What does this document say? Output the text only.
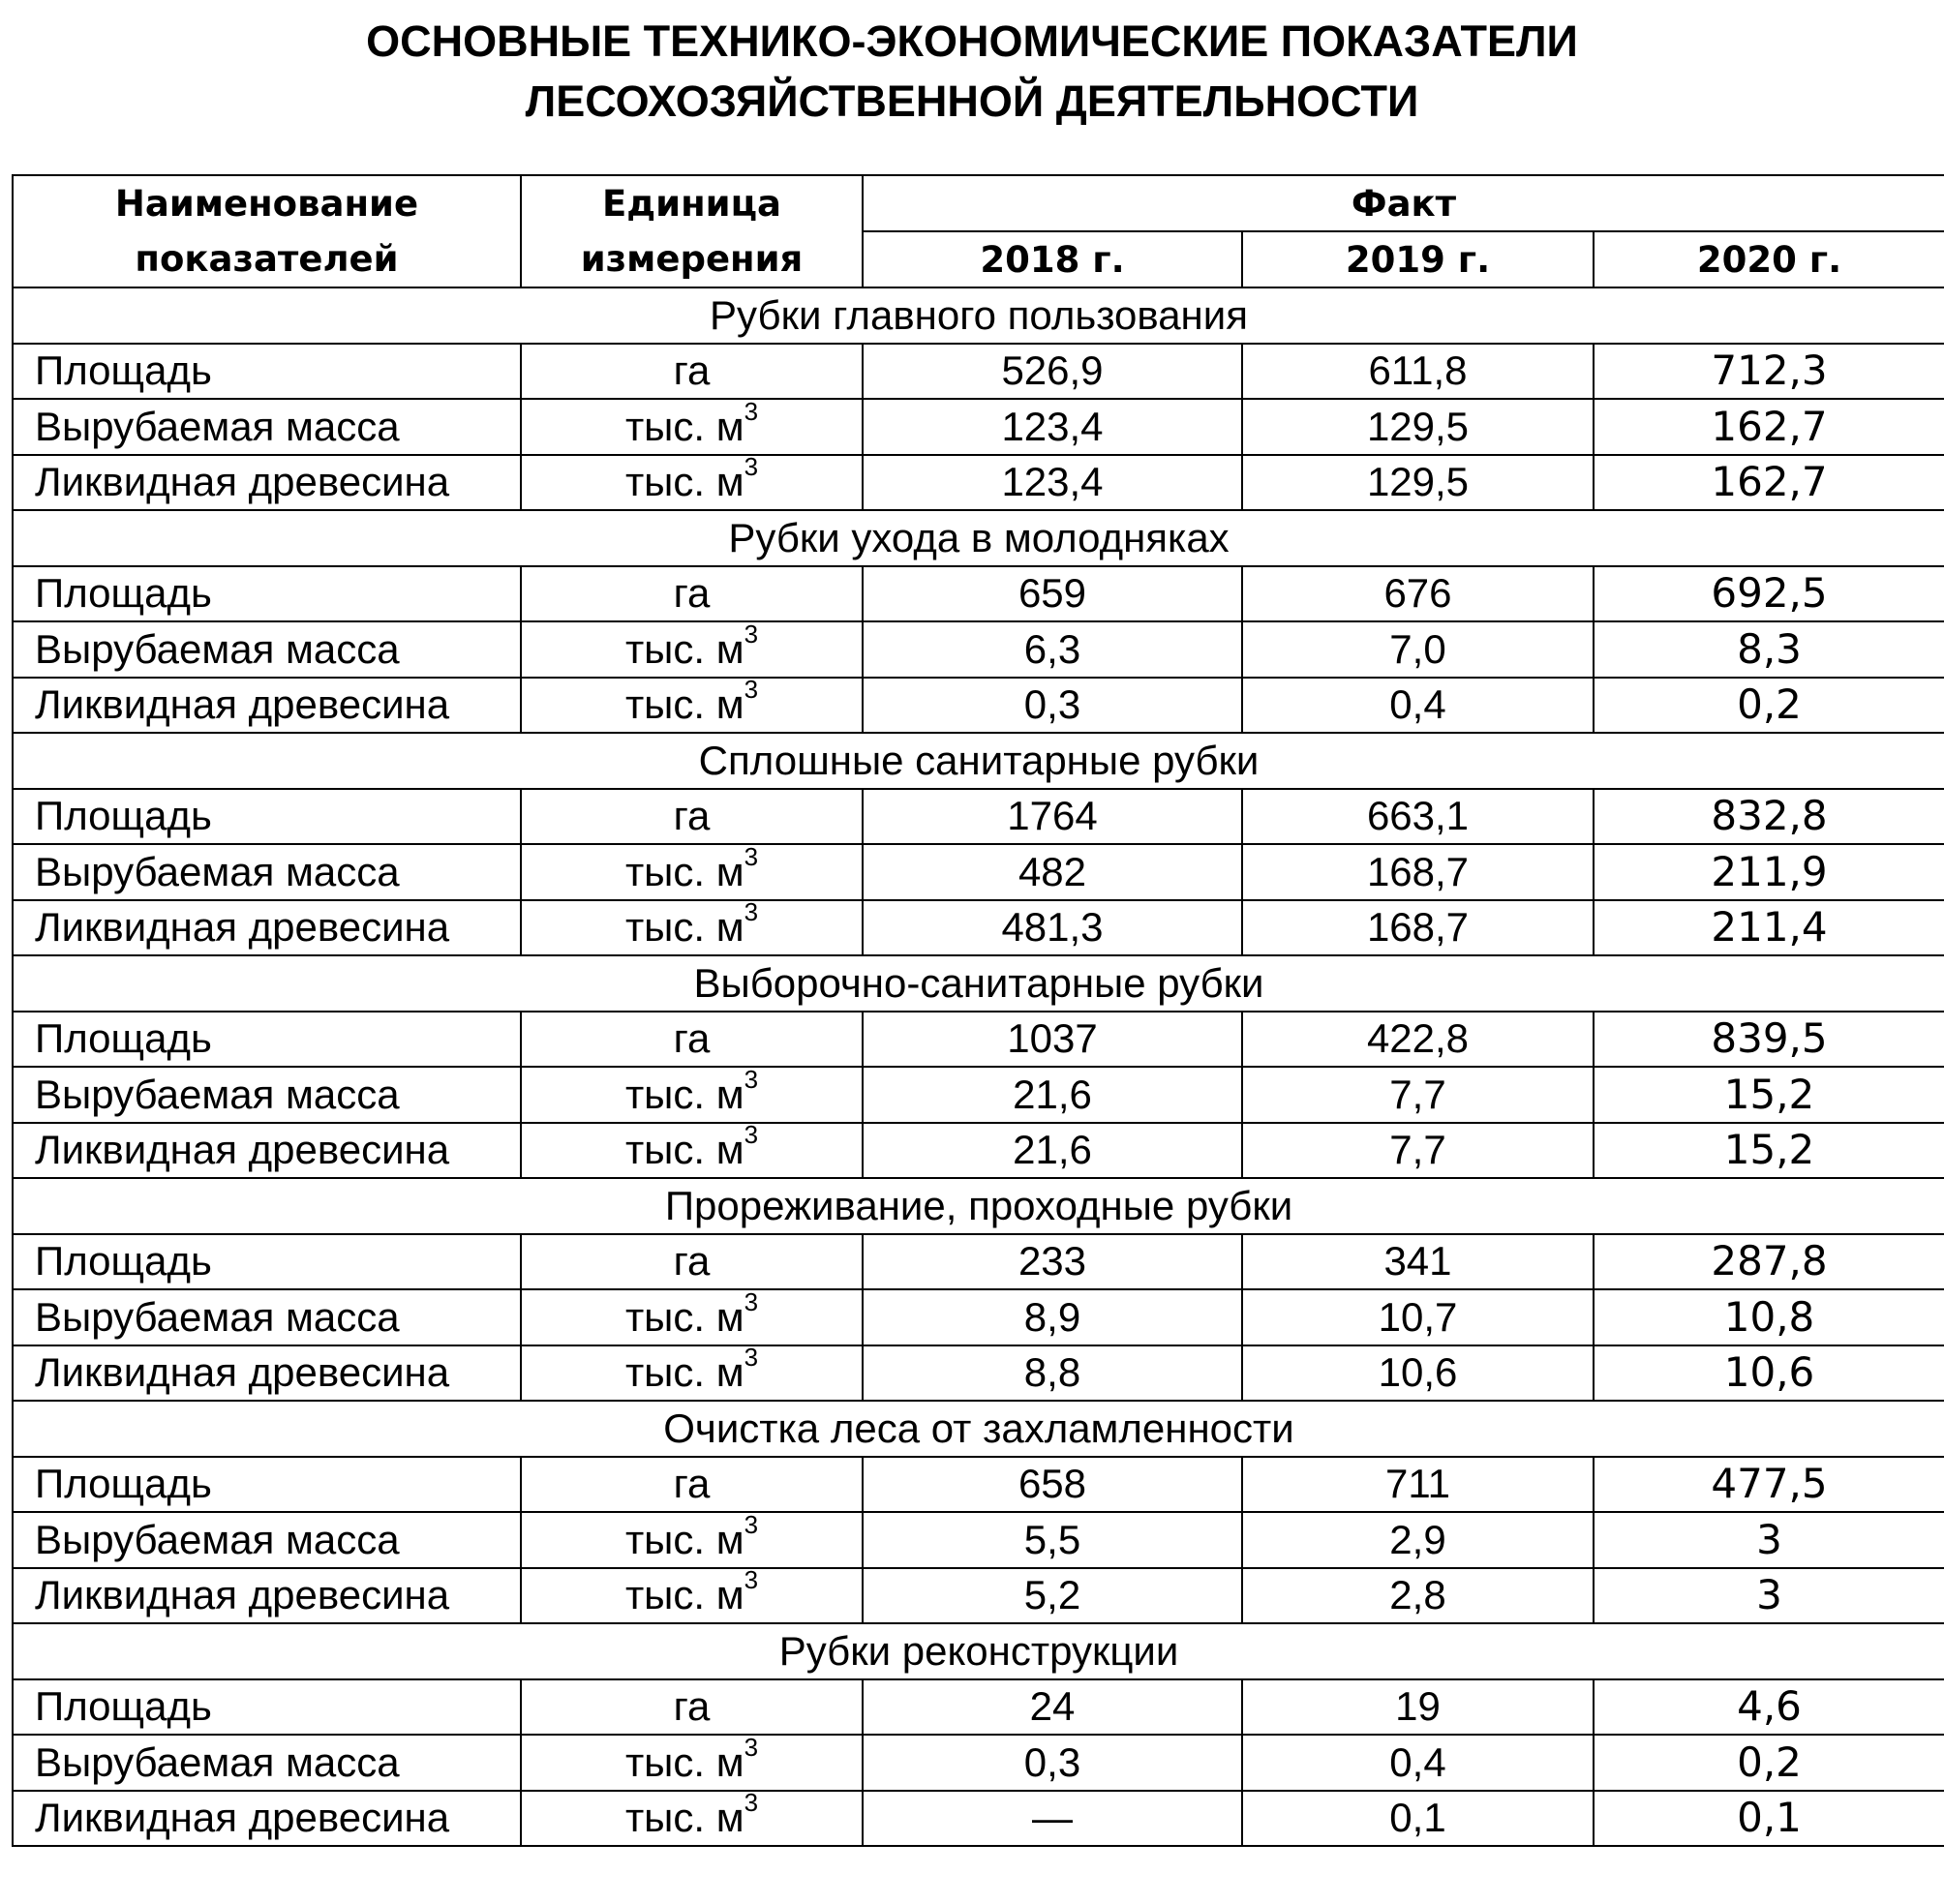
ОСНОВНЫЕ ТЕХНИКО-ЭКОНОМИЧЕСКИЕ ПОКАЗАТЕЛИ
ЛЕСОХОЗЯЙСТВЕННОЙ ДЕЯТЕЛЬНОСТИ
Наименование показателей	Единица измерения	Факт		
		2018 г.	2019 г.	2020 г.
Рубки главного пользования				
Площадь	га	526,9	611,8	712,3
Вырубаемая масса	тыс. $м^3$	123,4	129,5	162,7
Ликвидная древесина	тыс. $м^3$	123,4	129,5	162,7
Рубки ухода в молодняках				
Площадь	га	659	676	692,5
Вырубаемая масса	тыс. $м^3$	6,3	7,0	8,3
Ликвидная древесина	тыс. $м^3$	0,3	0,4	0,2
Сплошные санитарные рубки				
Площадь	га	1764	663,1	832,8
Вырубаемая масса	тыс. $м^3$	482	168,7	211,9
Ликвидная древесина	тыс. $м^3$	481,3	168,7	211,4
Выборочно-санитарные рубки				
Площадь	га	1037	422,8	839,5
Вырубаемая масса	тыс. $м^3$	21,6	7,7	15,2
Ликвидная древесина	тыс. $м^3$	21,6	7,7	15,2
Прореживание, проходные рубки				
Площадь	га	233	341	287,8
Вырубаемая масса	тыс. $м^3$	8,9	10,7	10,8
Ликвидная древесина	тыс. $м^3$	8,8	10,6	10,6
Очистка леса от захламленности				
Площадь	га	658	711	477,5
Вырубаемая масса	тыс. $м^3$	5,5	2,9	3
Ликвидная древесина	тыс. $м^3$	5,2	2,8	3
Рубки реконструкции				
Площадь	га	24	19	4,6
Вырубаемая масса	тыс. $м^3$	0,3	0,4	0,2
Ликвидная древесина	тыс. $м^3$	—	0,1	0,1
